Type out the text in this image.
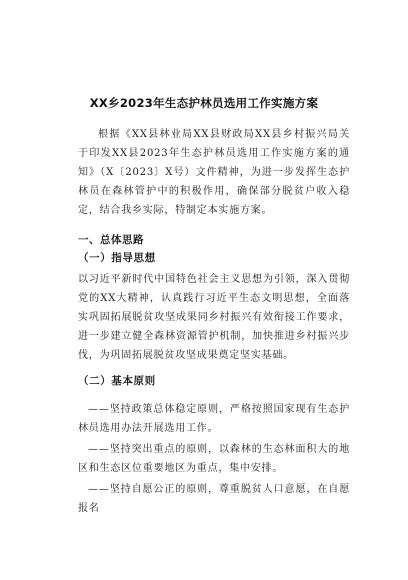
XX乡2023年生态护林员选用工作实施方案

根据《XX县林业局XX县财政局XX县乡村振兴局关于印发XX县2023年生态护林员选用工作实施方案的通知》（X〔2023〕X号）文件精神，为进一步发挥生态护林员在森林管护中的积极作用，确保部分脱贫户收入稳定，结合我乡实际，特制定本实施方案。

一、总体思路

（一）指导思想

以习近平新时代中国特色社会主义思想为引领，深入贯彻党的XX大精神，认真践行习近平生态文明思想，全面落实巩固拓展脱贫攻坚成果同乡村振兴有效衔接工作要求，进一步建立健全森林资源管护机制，加快推进乡村振兴步伐，为巩固拓展脱贫攻坚成果奠定坚实基础。

（二）基本原则

——坚持政策总体稳定原则，严格按照国家现有生态护林员选用办法开展选用工作。

——坚持突出重点的原则，以森林的生态林面积大的地区和生态区位重要地区为重点，集中安排。

——坚持自愿公正的原则，尊重脱贫人口意愿，在自愿报名
